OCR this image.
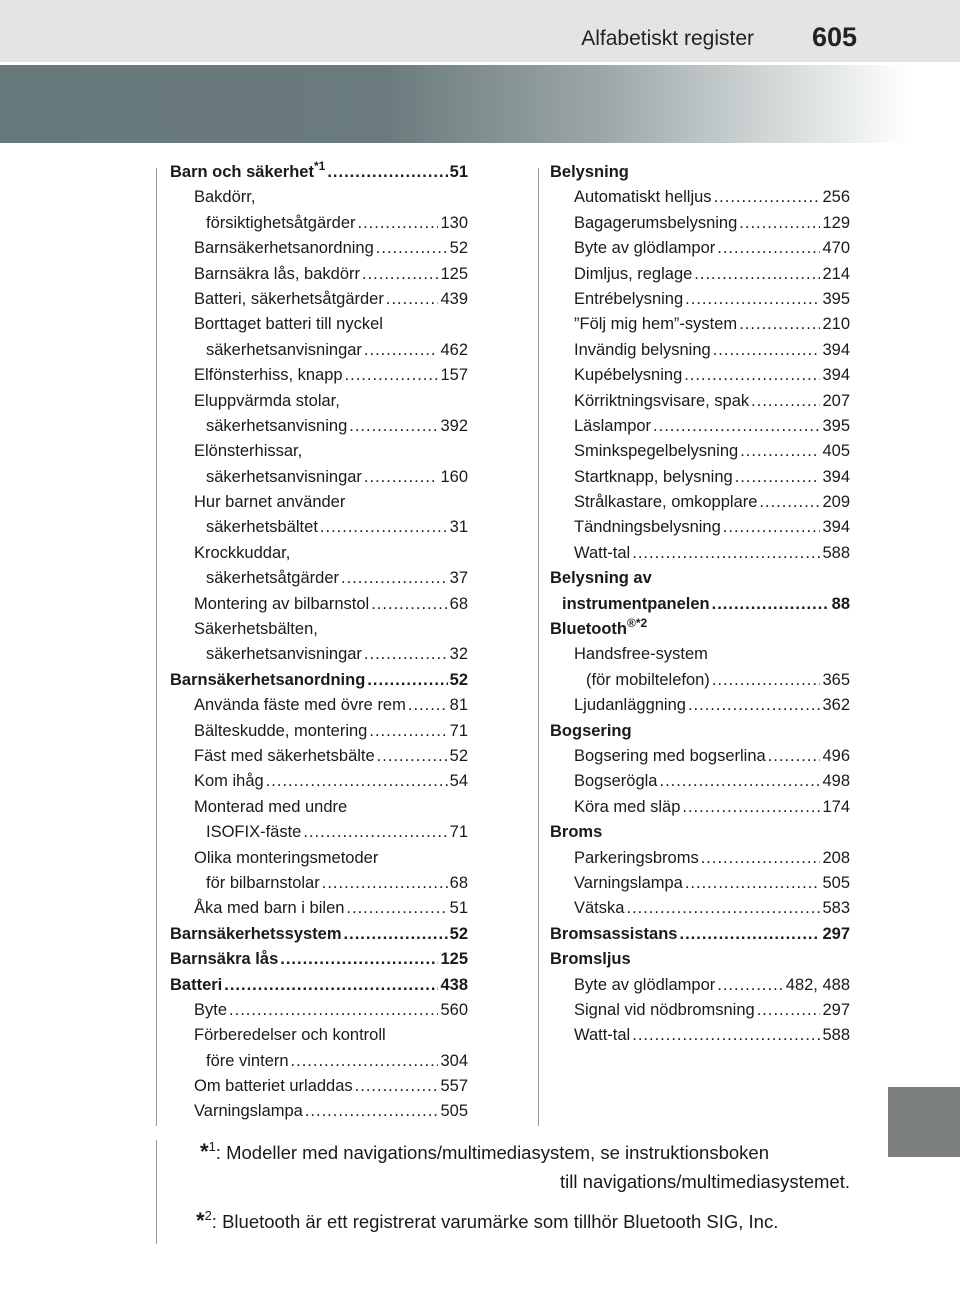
Alfabetiskt register 605
Barn och säkerhet *1 .....	51
Bakdörr,
försiktighetsåtgärder .....	130
Barnsäkerhetsanordning .....	52
Barnsäkra lås, bakdörr .....	125
Batteri, säkerhetsåtgärder .....	439
Borttaget batteri till nyckel
säkerhetsanvisningar .....	462
Elfönsterhiss, knapp .....	157
Eluppvärmda stolar,
säkerhetsanvisning .....	392
Elönsterhissar,
säkerhetsanvisningar .....	160
Hur barnet använder
säkerhetsbältet .....	31
Krockkuddar,
säkerhetsåtgärder .....	37
Montering av bilbarnstol .....	68
Säkerhetsbälten,
säkerhetsanvisningar .....	32
Barnsäkerhetsanordning .....	52
Använda fäste med övre rem .....	81
Bälteskudde, montering .....	71
Fäst med säkerhetsbälte .....	52
Kom ihåg .....	54
Monterad med undre
ISOFIX-fäste .....	71
Olika monteringsmetoder
för bilbarnstolar .....	68
Åka med barn i bilen .....	51
Barnsäkerhetssystem .....	52
Barnsäkra lås .....	125
Batteri .....	438
Byte .....	560
Förberedelser och kontroll
före vintern .....	304
Om batteriet urladdas .....	557
Varningslampa .....	505
Belysning
Automatiskt helljus .....	256
Bagagerumsbelysning .....	129
Byte av glödlampor .....	470
Dimljus, reglage .....	214
Entrébelysning .....	395
”Följ mig hem”-system .....	210
Invändig belysning .....	394
Kupébelysning .....	394
Körriktningsvisare, spak .....	207
Läslampor .....	395
Sminkspegelbelysning .....	405
Startknapp, belysning .....	394
Strålkastare, omkopplare .....	209
Tändningsbelysning .....	394
Watt-tal .....	588
Belysning av
instrumentpanelen .....	88
Bluetooth ®*2
Handsfree-system
(för mobiltelefon) .....	365
Ljudanläggning .....	362
Bogsering
Bogsering med bogserlina .....	496
Bogserögla .....	498
Köra med släp .....	174
Broms
Parkeringsbroms .....	208
Varningslampa .....	505
Vätska .....	583
Bromsassistans .....	297
Bromsljus
Byte av glödlampor .....	482, 488
Signal vid nödbromsning .....	297
Watt-tal .....	588
*$^1$: Modeller med navigations/multimediasystem, se instruktionsboken
till navigations/multimediasystemet.
*$^2$: Bluetooth är ett registrerat varumärke som tillhör Bluetooth SIG, Inc.
